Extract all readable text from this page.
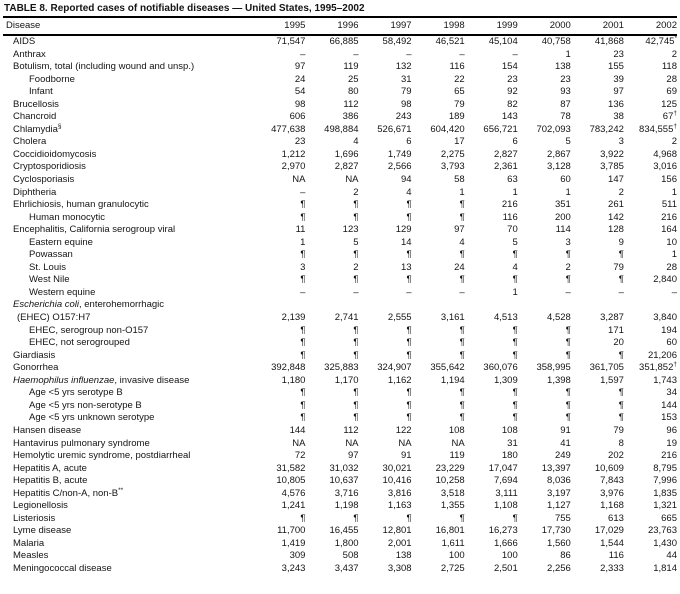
TABLE 8. Reported cases of notifiable diseases — United States, 1995–2002
Disease	1995	1996	1997	1998	1999	2000	2001	2002

AIDS	71,547	66,885	58,492	46,521	45,104	40,758	41,868	42,745*

Anthrax	–	–	–	–	–	1	23	2

Botulism, total (including wound and unsp.)	97	119	132	116	154	138	155	118

Foodborne	24	25	31	22	23	23	39	28

Infant	54	80	79	65	92	93	97	69

Brucellosis	98	112	98	79	82	87	136	125

Chancroid	606	386	243	189	143	78	38	67†

Chlamydia§	477,638	498,884	526,671	604,420	656,721	702,093	783,242	834,555†

Cholera	23	4	6	17	6	5	3	2

Coccidioidomycosis	1,212	1,696	1,749	2,275	2,827	2,867	3,922	4,968

Cryptosporidiosis	2,970	2,827	2,566	3,793	2,361	3,128	3,785	3,016

Cyclosporiasis	NA	NA	94	58	63	60	147	156

Diphtheria	–	2	4	1	1	1	2	1

Ehrlichiosis, human granulocytic	¶	¶	¶	¶	216	351	261	511

Human monocytic	¶	¶	¶	¶	116	200	142	216

Encephalitis, California serogroup viral	11	123	129	97	70	114	128	164

Eastern equine	1	5	14	4	5	3	9	10

Powassan	¶	¶	¶	¶	¶	¶	¶	1

St. Louis	3	2	13	24	4	2	79	28

West Nile	¶	¶	¶	¶	¶	¶	¶	2,840

Western equine	–	–	–	–	1	–	–	–

Escherichia coli, enterohemorrhagic
(EHEC) O157:H7	2,139	2,741	2,555	3,161	4,513	4,528	3,287	3,840

EHEC, serogroup non-O157	¶	¶	¶	¶	¶	¶	171	194

EHEC, not serogrouped	¶	¶	¶	¶	¶	¶	20	60

Giardiasis	¶	¶	¶	¶	¶	¶	¶	21,206

Gonorrhea	392,848	325,883	324,907	355,642	360,076	358,995	361,705	351,852†

Haemophilus influenzae, invasive disease	1,180	1,170	1,162	1,194	1,309	1,398	1,597	1,743

Age <5 yrs serotype B	¶	¶	¶	¶	¶	¶	¶	34

Age <5 yrs non-serotype B	¶	¶	¶	¶	¶	¶	¶	144

Age <5 yrs unknown serotype	¶	¶	¶	¶	¶	¶	¶	153

Hansen disease	144	112	122	108	108	91	79	96

Hantavirus pulmonary syndrome	NA	NA	NA	NA	31	41	8	19

Hemolytic uremic syndrome, postdiarrheal	72	97	91	119	180	249	202	216

Hepatitis A, acute	31,582	31,032	30,021	23,229	17,047	13,397	10,609	8,795

Hepatitis B, acute	10,805	10,637	10,416	10,258	7,694	8,036	7,843	7,996

Hepatitis C/non-A, non-B**	4,576	3,716	3,816	3,518	3,111	3,197	3,976	1,835

Legionellosis	1,241	1,198	1,163	1,355	1,108	1,127	1,168	1,321

Listeriosis	¶	¶	¶	¶	¶	755	613	665

Lyme disease	11,700	16,455	12,801	16,801	16,273	17,730	17,029	23,763

Malaria	1,419	1,800	2,001	1,611	1,666	1,560	1,544	1,430

Measles	309	508	138	100	100	86	116	44

Meningococcal disease	3,243	3,437	3,308	2,725	2,501	2,256	2,333	1,814
